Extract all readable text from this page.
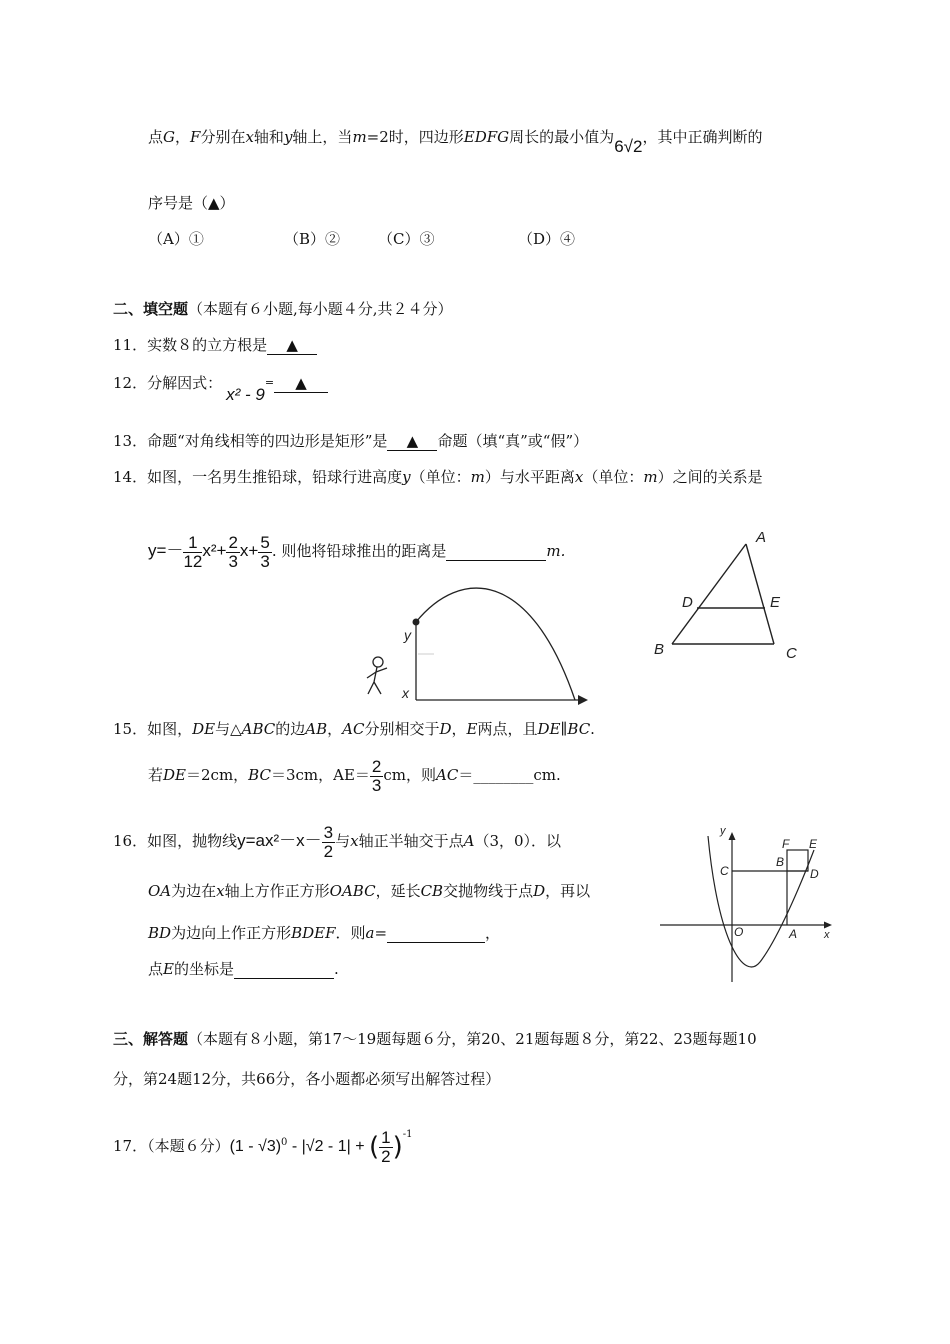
点G，F分别在x轴和y轴上，当m=2时，四边形EDFG周长的最小值为6√2，其中正确判断的
序号是（▲）
（A）①	（B）②	（C）③	（D）④
二、填空题（本题有６小题,每小题４分,共２４分）
11．实数８的立方根是 ▲
12．分解因式：x² - 9= ▲
13．命题“对角线相等的四边形是矩形”是 ▲ 命题（填“真”或“假”）
14．如图，一名男生推铅球，铅球行进高度y（单位：m）与水平距离x（单位：m）之间的关系是
$y=- \frac{1}{12} x^2+ \frac{2}{3} x+ \frac{5}{3}$ . 则他将铅球推出的距离是	m.
y
x
A
D	E
B	C
15．如图，DE与△ABC的边AB，AC分别相交于D，E两点，且DE∥BC.
若DE＝2cm，BC＝3cm，$AE= \frac{2}{3}$ cm，则AC＝________cm.
16．如图，抛物线$y=ax^2-x- \frac{3}{2}$ 与x轴正半轴交于点A（3，0）．以
OA为边在x轴上方作正方形OABC，延长CB交抛物线于点D，再以
BD为边向上作正方形BDEF．则a=	，
点E的坐标是	.
y
x
O	A
C
B
D
F E
三、解答题（本题有８小题，第17～19题每题６分，第20、21题每题８分，第22、23题每题10
分，第24题12分，共66分，各小题都必须写出解答过程）
17．（本题６分）(1 - √3)$^0$ - |√2 - 1| + ( $\frac{1}{2} )^{-1}$
